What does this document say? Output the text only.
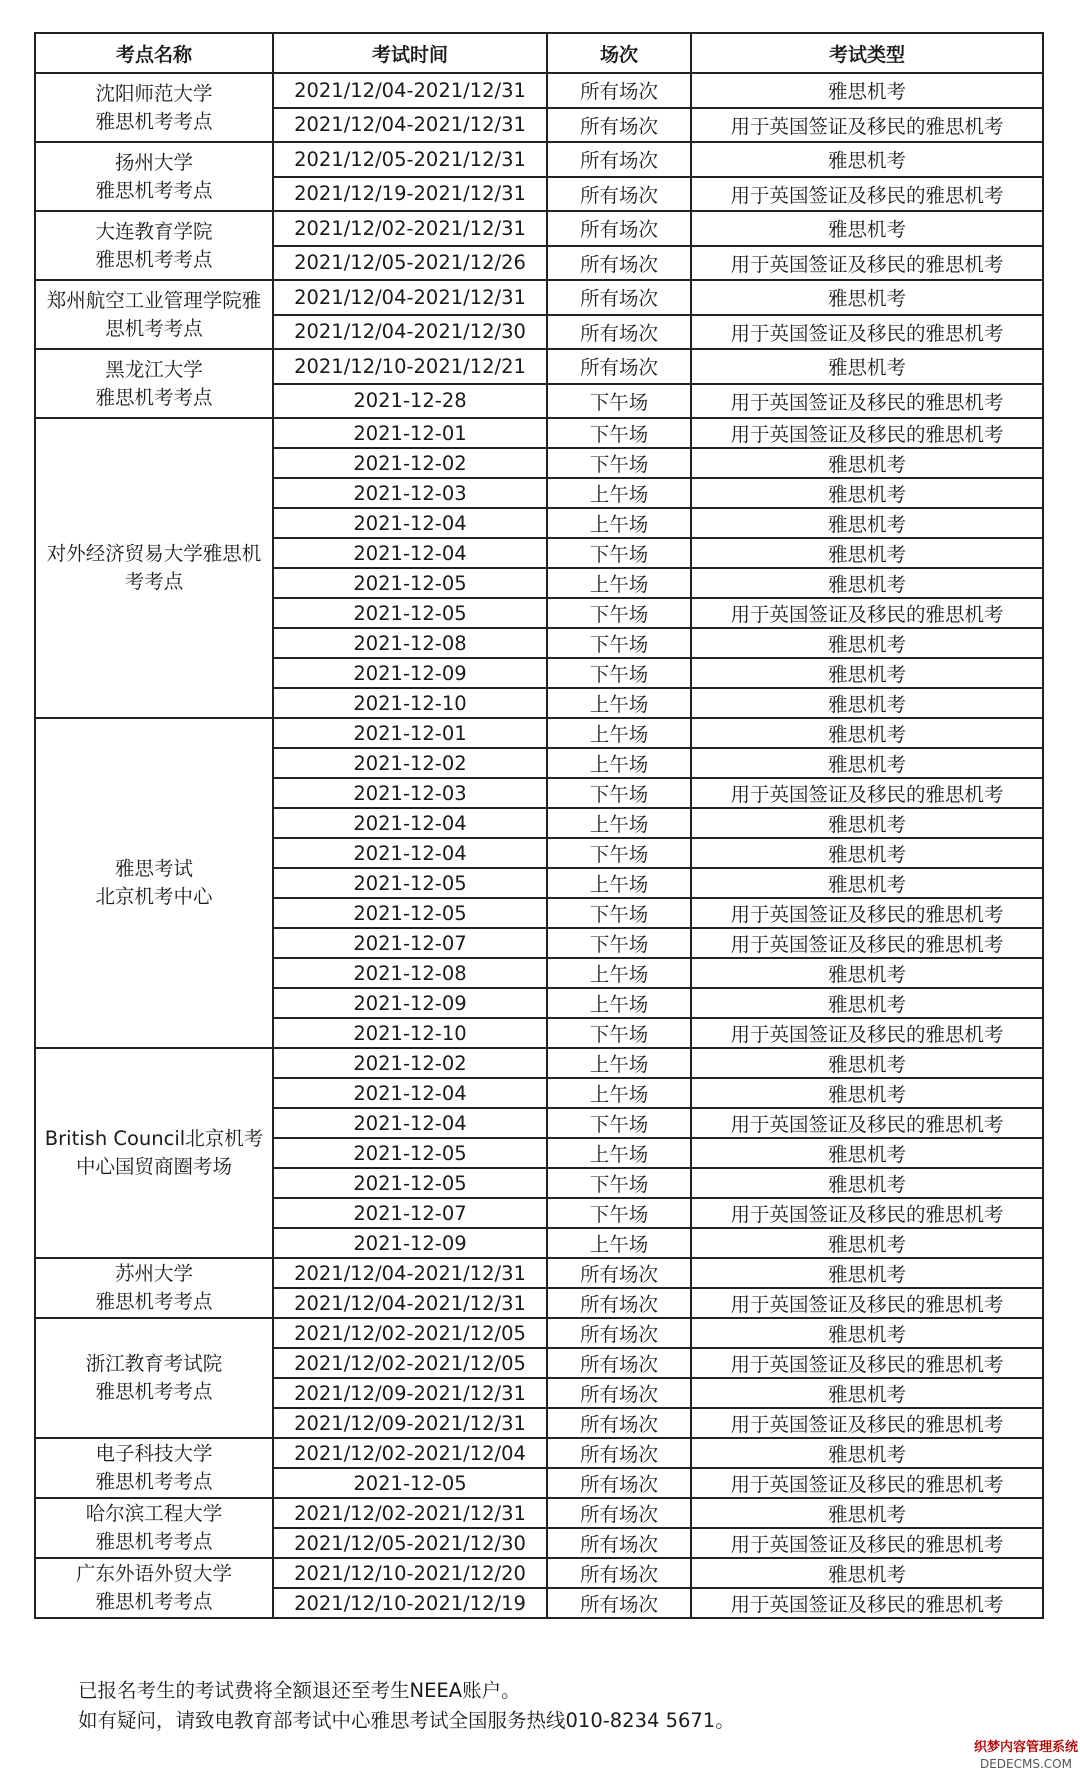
考点名称	考试时间	场次	考试类型

沈阳师范大学
雅思机考考点	2021/12/04-2021/12/31	所有场次	雅思机考
	2021/12/04-2021/12/31	所有场次	用于英国签证及移民的雅思机考

扬州大学
雅思机考考点	2021/12/05-2021/12/31	所有场次	雅思机考
	2021/12/19-2021/12/31	所有场次	用于英国签证及移民的雅思机考

大连教育学院
雅思机考考点	2021/12/02-2021/12/31	所有场次	雅思机考
	2021/12/05-2021/12/26	所有场次	用于英国签证及移民的雅思机考

郑州航空工业管理学院雅
思机考考点	2021/12/04-2021/12/31	所有场次	雅思机考
	2021/12/04-2021/12/30	所有场次	用于英国签证及移民的雅思机考

黑龙江大学
雅思机考考点	2021/12/10-2021/12/21	所有场次	雅思机考
	2021-12-28	下午场	用于英国签证及移民的雅思机考

对外经济贸易大学雅思机
考考点	2021-12-01	下午场	用于英国签证及移民的雅思机考
	2021-12-02	下午场	雅思机考
	2021-12-03	上午场	雅思机考
	2021-12-04	上午场	雅思机考
	2021-12-04	下午场	雅思机考
	2021-12-05	上午场	雅思机考
	2021-12-05	下午场	用于英国签证及移民的雅思机考
	2021-12-08	下午场	雅思机考
	2021-12-09	下午场	雅思机考
	2021-12-10	上午场	雅思机考

雅思考试
北京机考中心	2021-12-01	上午场	雅思机考
	2021-12-02	上午场	雅思机考
	2021-12-03	下午场	用于英国签证及移民的雅思机考
	2021-12-04	上午场	雅思机考
	2021-12-04	下午场	雅思机考
	2021-12-05	上午场	雅思机考
	2021-12-05	下午场	用于英国签证及移民的雅思机考
	2021-12-07	下午场	用于英国签证及移民的雅思机考
	2021-12-08	上午场	雅思机考
	2021-12-09	上午场	雅思机考
	2021-12-10	下午场	用于英国签证及移民的雅思机考

British Council北京机考
中心国贸商圈考场	2021-12-02	上午场	雅思机考
	2021-12-04	上午场	雅思机考
	2021-12-04	下午场	用于英国签证及移民的雅思机考
	2021-12-05	上午场	雅思机考
	2021-12-05	下午场	雅思机考
	2021-12-07	下午场	用于英国签证及移民的雅思机考
	2021-12-09	上午场	雅思机考

苏州大学
雅思机考考点	2021/12/04-2021/12/31	所有场次	雅思机考
	2021/12/04-2021/12/31	所有场次	用于英国签证及移民的雅思机考

浙江教育考试院
雅思机考考点	2021/12/02-2021/12/05	所有场次	雅思机考
	2021/12/02-2021/12/05	所有场次	用于英国签证及移民的雅思机考
	2021/12/09-2021/12/31	所有场次	雅思机考
	2021/12/09-2021/12/31	所有场次	用于英国签证及移民的雅思机考

电子科技大学
雅思机考考点	2021/12/02-2021/12/04	所有场次	雅思机考
	2021-12-05	所有场次	用于英国签证及移民的雅思机考

哈尔滨工程大学
雅思机考考点	2021/12/02-2021/12/31	所有场次	雅思机考
	2021/12/05-2021/12/30	所有场次	用于英国签证及移民的雅思机考

广东外语外贸大学
雅思机考考点	2021/12/10-2021/12/20	所有场次	雅思机考
	2021/12/10-2021/12/19	所有场次	用于英国签证及移民的雅思机考

已报名考生的考试费将全额退还至考生NEEA账户。

如有疑问，请致电教育部考试中心雅思考试全国服务热线010-8234 5671。

织梦内容管理系统
DEDECMS.COM
